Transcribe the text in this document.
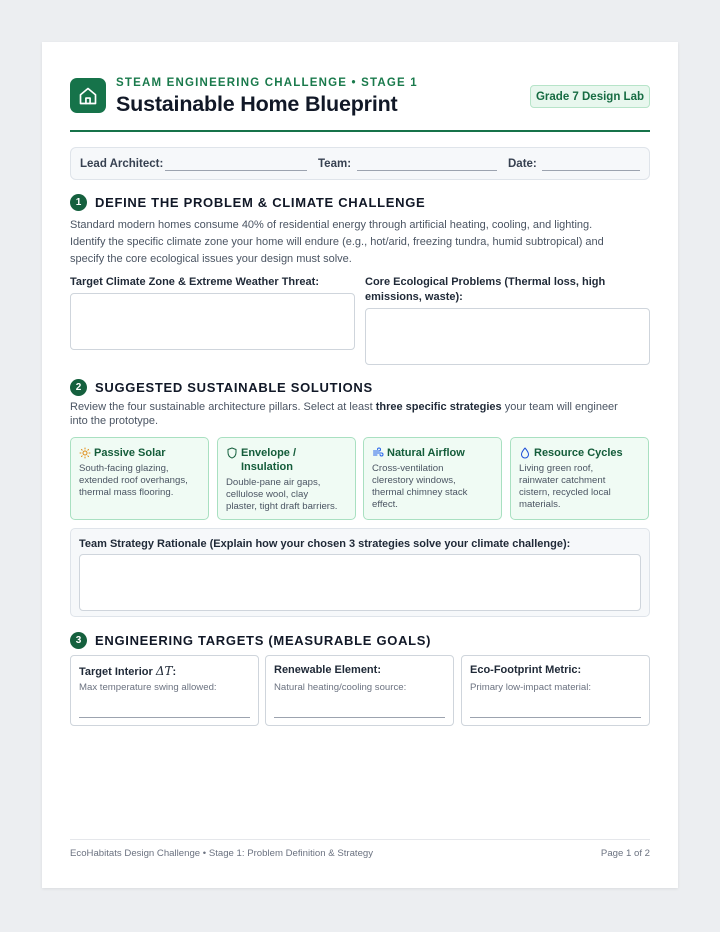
STEAM ENGINEERING CHALLENGE • STAGE 1
Sustainable Home Blueprint	Grade 7 Design Lab
Lead Architect:	Team:	Date:
1	DEFINE THE PROBLEM & CLIMATE CHALLENGE
Standard modern homes consume 40% of residential energy through artificial heating, cooling, and lighting.
Identify the specific climate zone your home will endure (e.g., hot/arid, freezing tundra, humid subtropical) and
specify the core ecological issues your design must solve.
Target Climate Zone & Extreme Weather Threat:	Core Ecological Problems (Thermal loss, high
emissions, waste):
2	SUGGESTED SUSTAINABLE SOLUTIONS
Review the four sustainable architecture pillars. Select at least three specific strategies your team will engineer
into the prototype.
Passive Solar
South-facing glazing,
extended roof overhangs,
thermal mass flooring.
Envelope /
Insulation
Double-pane air gaps,
cellulose wool, clay
plaster, tight draft barriers.
Natural Airflow
Cross-ventilation
clerestory windows,
thermal chimney stack
effect.
Resource Cycles
Living green roof,
rainwater catchment
cistern, recycled local
materials.
Team Strategy Rationale (Explain how your chosen 3 strategies solve your climate challenge):
3	ENGINEERING TARGETS (MEASURABLE GOALS)
Target Interior ΔT:
Max temperature swing allowed:
Renewable Element:
Natural heating/cooling source:
Eco-Footprint Metric:
Primary low-impact material:
EcoHabitats Design Challenge • Stage 1: Problem Definition & Strategy	Page 1 of 2
